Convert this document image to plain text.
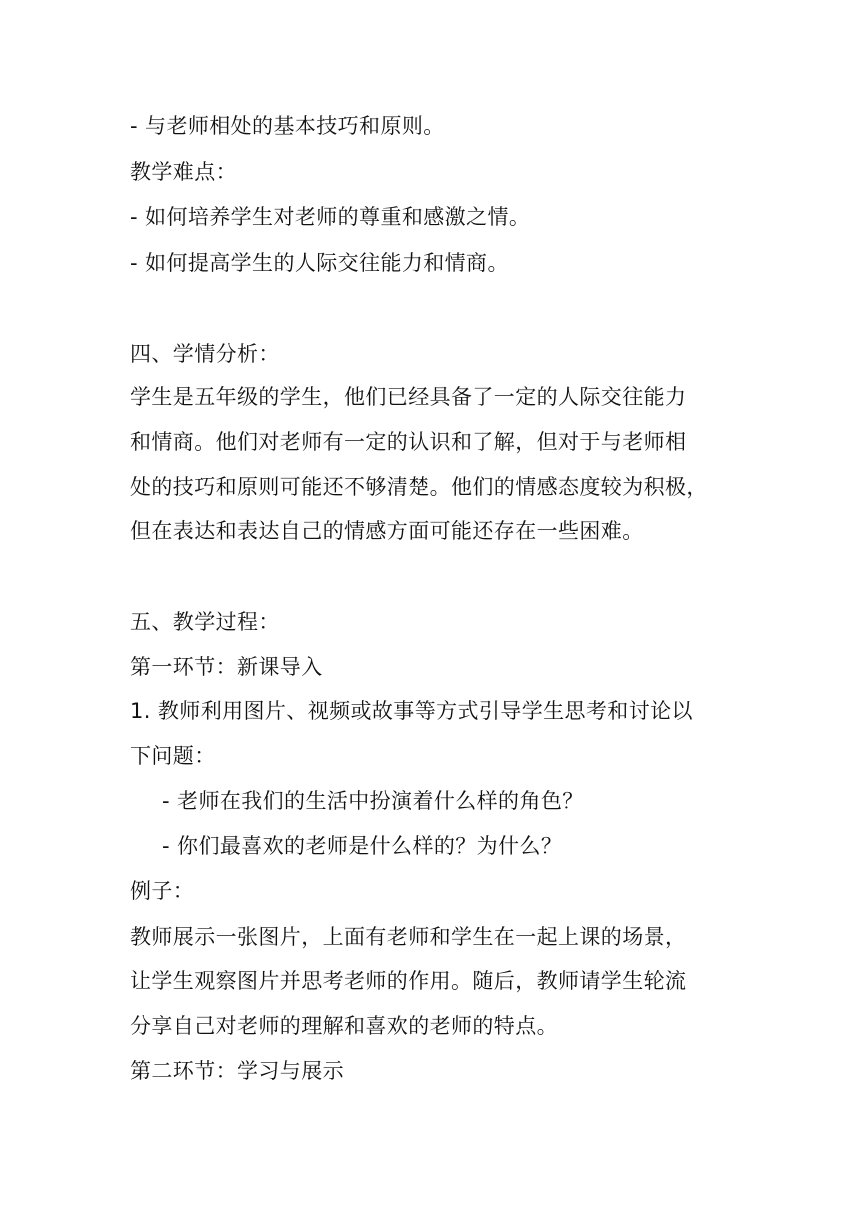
- 与老师相处的基本技巧和原则。
教学难点：
- 如何培养学生对老师的尊重和感激之情。
- 如何提高学生的人际交往能力和情商。
四、学情分析：
学生是五年级的学生，他们已经具备了一定的人际交往能力
和情商。他们对老师有一定的认识和了解，但对于与老师相
处的技巧和原则可能还不够清楚。他们的情感态度较为积极，
但在表达和表达自己的情感方面可能还存在一些困难。
五、教学过程：
第一环节：新课导入
1. 教师利用图片、视频或故事等方式引导学生思考和讨论以
下问题：
- 老师在我们的生活中扮演着什么样的角色？
- 你们最喜欢的老师是什么样的？为什么？
例子：
教师展示一张图片，上面有老师和学生在一起上课的场景，
让学生观察图片并思考老师的作用。随后，教师请学生轮流
分享自己对老师的理解和喜欢的老师的特点。
第二环节：学习与展示
